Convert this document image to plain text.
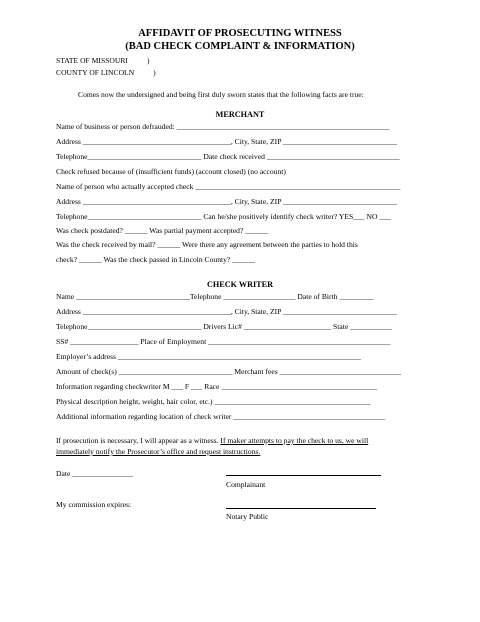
AFFIDAVIT OF PROSECUTING WITNESS
(BAD CHECK COMPLAINT & INFORMATION)
STATE OF MISSOURI          )
COUNTY OF LINCOLN          )
Comes now the undersigned and being first duly sworn states that the following facts are true:
MERCHANT
Name of business or person defrauded: ________________________________________________________
Address _______________________________________, City, State, ZIP ______________________________
Telephone______________________________ Date check received ___________________________________
Check refused because of (insufficient funds) (account closed) (no account)
Name of person who actually accepted check ______________________________________________________
Address _______________________________________, City, State, ZIP ______________________________
Telephone______________________________ Can he/she positively identify check writer? YES___ NO ___
Was check postdated? ______ Was partial payment accepted? ______
Was the check received by mail? ______ Were there any agreement between the parties to hold this
check? ______ Was the check passed in Lincoln County? ______
CHECK WRITER
Name ______________________________Telephone ___________________ Date of Birth _________
Address _______________________________________, City, State, ZIP ______________________________
Telephone______________________________ Drivers Lic# _______________________ State ___________
SS# __________________ Place of Employment ________________________________________________
Employer’s address ________________________________________________________________
Amount of check(s) ______________________________ Merchant fees ________________________________
Information regarding checkwriter M ___ F ___ Race _________________________________________
Physical description height, weight, hair color, etc.) _________________________________________
Additional information regarding location of check writer ________________________________________
If prosecution is necessary, I will appear as a witness. If maker attempts to pay the check to us, we will
immediately notify the Prosecutor’s office and request instructions.
Date ________________
Complainant
My commission expires:
Notary Public
